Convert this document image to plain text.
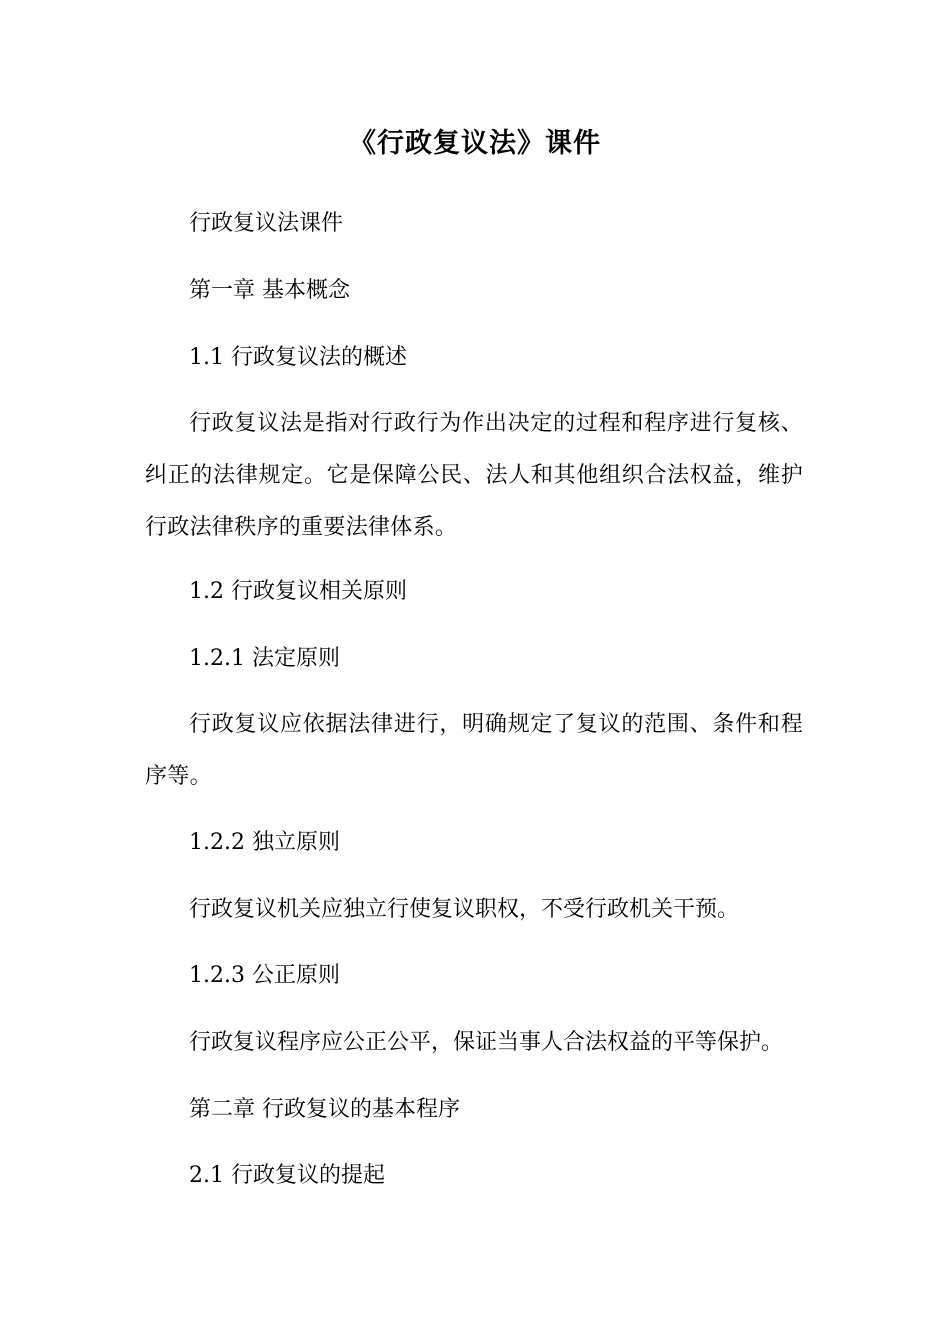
《行政复议法》课件
行政复议法课件
第一章 基本概念
1.1 行政复议法的概述
行政复议法是指对行政行为作出决定的过程和程序进行复核、纠正的法律规定。它是保障公民、法人和其他组织合法权益，维护行政法律秩序的重要法律体系。
1.2 行政复议相关原则
1.2.1 法定原则
行政复议应依据法律进行，明确规定了复议的范围、条件和程序等。
1.2.2 独立原则
行政复议机关应独立行使复议职权，不受行政机关干预。
1.2.3 公正原则
行政复议程序应公正公平，保证当事人合法权益的平等保护。
第二章 行政复议的基本程序
2.1 行政复议的提起
